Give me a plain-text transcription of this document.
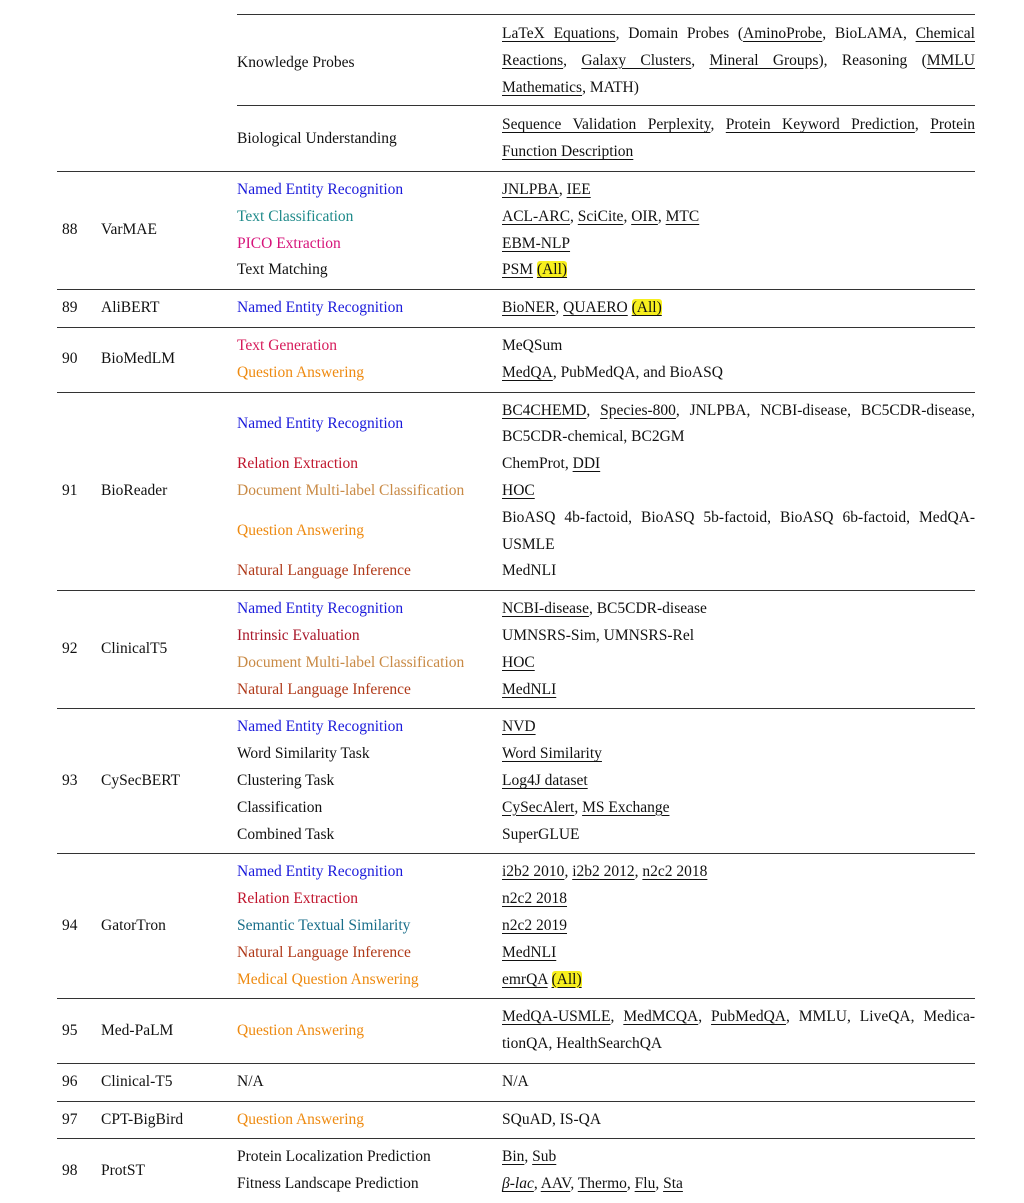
		Knowledge Probes	LaTeX Equations, Domain Probes (AminoProbe, BioLAMA, Chemical Reactions, Galaxy Clusters, Mineral Groups), Reasoning (MMLU Mathematics, MATH)

		Biological Understanding	Sequence Validation Perplexity, Protein Keyword Prediction, Protein Function Description

88	VarMAE	Named Entity Recognition	JNLPBA, IEE

		Text Classification	ACL-ARC, SciCite, OIR, MTC

		PICO Extraction	EBM-NLP

		Text Matching	PSM (All)

89	AliBERT	Named Entity Recognition	BioNER, QUAERO (All)

90	BioMedLM	Text Generation	MeQSum

		Question Answering	MedQA, PubMedQA, and BioASQ

91	BioReader	Named Entity Recognition	BC4CHEMD, Species-800, JNLPBA, NCBI-disease, BC5CDR-disease, BC5CDR-chemical, BC2GM

		Relation Extraction	ChemProt, DDI

		Document Multi-label Classification	HOC

		Question Answering	BioASQ 4b-factoid, BioASQ 5b-factoid, BioASQ 6b-factoid, MedQA-USMLE

		Natural Language Inference	MedNLI

92	ClinicalT5	Named Entity Recognition	NCBI-disease, BC5CDR-disease

		Intrinsic Evaluation	UMNSRS-Sim, UMNSRS-Rel

		Document Multi-label Classification	HOC

		Natural Language Inference	MedNLI

93	CySecBERT	Named Entity Recognition	NVD

		Word Similarity Task	Word Similarity

		Clustering Task	Log4J dataset

		Classification	CySecAlert, MS Exchange

		Combined Task	SuperGLUE

94	GatorTron	Named Entity Recognition	i2b2 2010, i2b2 2012, n2c2 2018

		Relation Extraction	n2c2 2018

		Semantic Textual Similarity	n2c2 2019

		Natural Language Inference	MedNLI

		Medical Question Answering	emrQA (All)

95	Med-PaLM	Question Answering	MedQA-USMLE, MedMCQA, PubMedQA, MMLU, LiveQA, Medica-tionQA, HealthSearchQA

96	Clinical-T5	N/A	N/A

97	CPT-BigBird	Question Answering	SQuAD, IS-QA

98	ProtST	Protein Localization Prediction	Bin, Sub

		Fitness Landscape Prediction	β-lac, AAV, Thermo, Flu, Sta
